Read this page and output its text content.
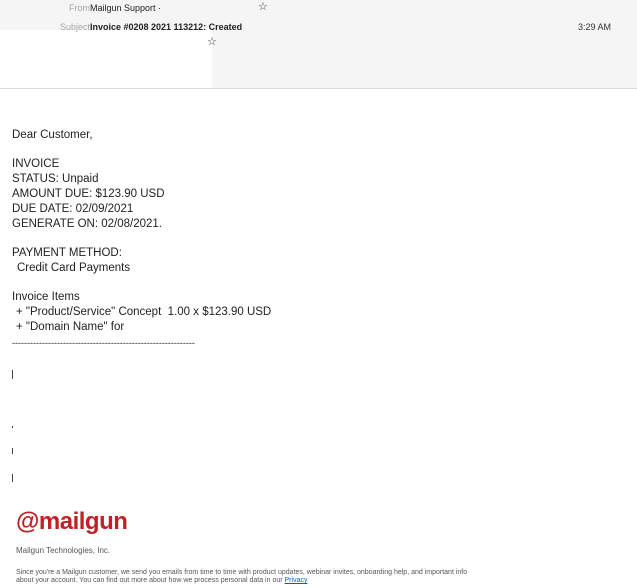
From Mailgun Support ·	☆
Subject Invoice #0208 2021 113212: Created
☆
3:29 AM
Dear Customer,
INVOICE
STATUS: Unpaid
AMOUNT DUE: $123.90 USD
DUE DATE: 02/09/2021
GENERATE ON: 02/08/2021.
PAYMENT METHOD:
Credit Card Payments
Invoice Items
+ "Product/Service" Concept  1.00 x $123.90 USD
+ "Domain Name" for
-------------------------------------------------------------
@mailgun
Mailgun Technologies, Inc.
Since you're a Mailgun customer, we send you emails from time to time with product updates, webinar invites, onboarding help, and important info about your account. You can find out more about how we process personal data in our Privacy
